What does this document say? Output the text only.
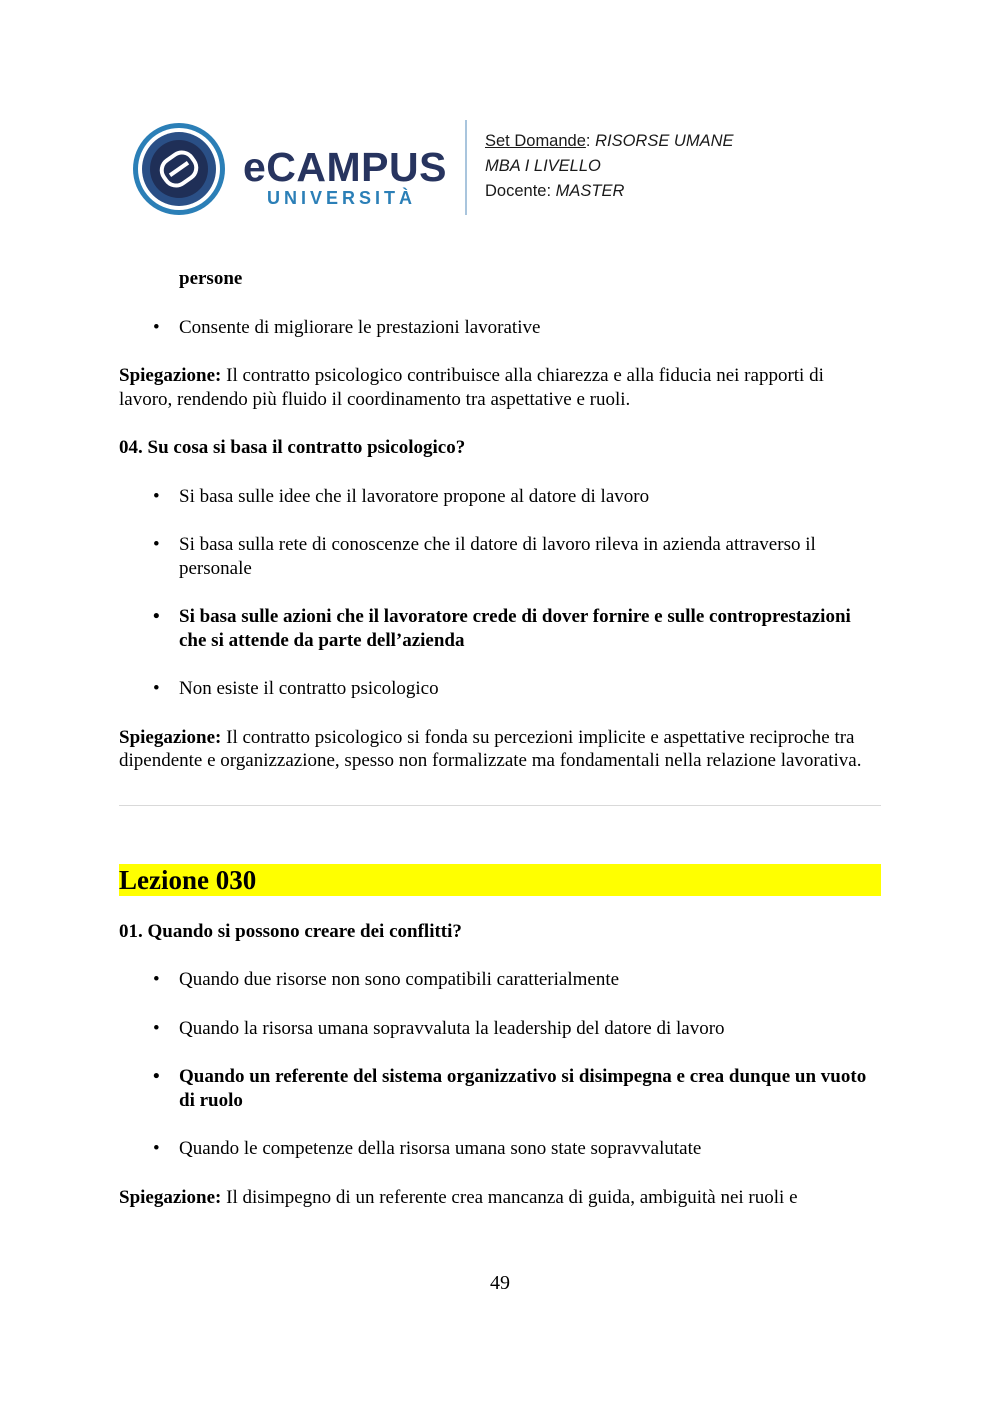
eCAMPUS
UNIVERSITÀ
Set Domande: RISORSE UMANE
MBA I LIVELLO
Docente: MASTER

persone

• Consente di migliorare le prestazioni lavorative

Spiegazione: Il contratto psicologico contribuisce alla chiarezza e alla fiducia nei rapporti di lavoro, rendendo più fluido il coordinamento tra aspettative e ruoli.

04. Su cosa si basa il contratto psicologico?

• Si basa sulle idee che il lavoratore propone al datore di lavoro
• Si basa sulla rete di conoscenze che il datore di lavoro rileva in azienda attraverso il personale
• Si basa sulle azioni che il lavoratore crede di dover fornire e sulle controprestazioni che si attende da parte dell’azienda
• Non esiste il contratto psicologico

Spiegazione: Il contratto psicologico si fonda su percezioni implicite e aspettative reciproche tra dipendente e organizzazione, spesso non formalizzate ma fondamentali nella relazione lavorativa.

Lezione 030

01. Quando si possono creare dei conflitti?

• Quando due risorse non sono compatibili caratterialmente
• Quando la risorsa umana sopravvaluta la leadership del datore di lavoro
• Quando un referente del sistema organizzativo si disimpegna e crea dunque un vuoto di ruolo
• Quando le competenze della risorsa umana sono state sopravvalutate

Spiegazione: Il disimpegno di un referente crea mancanza di guida, ambiguità nei ruoli e

49
